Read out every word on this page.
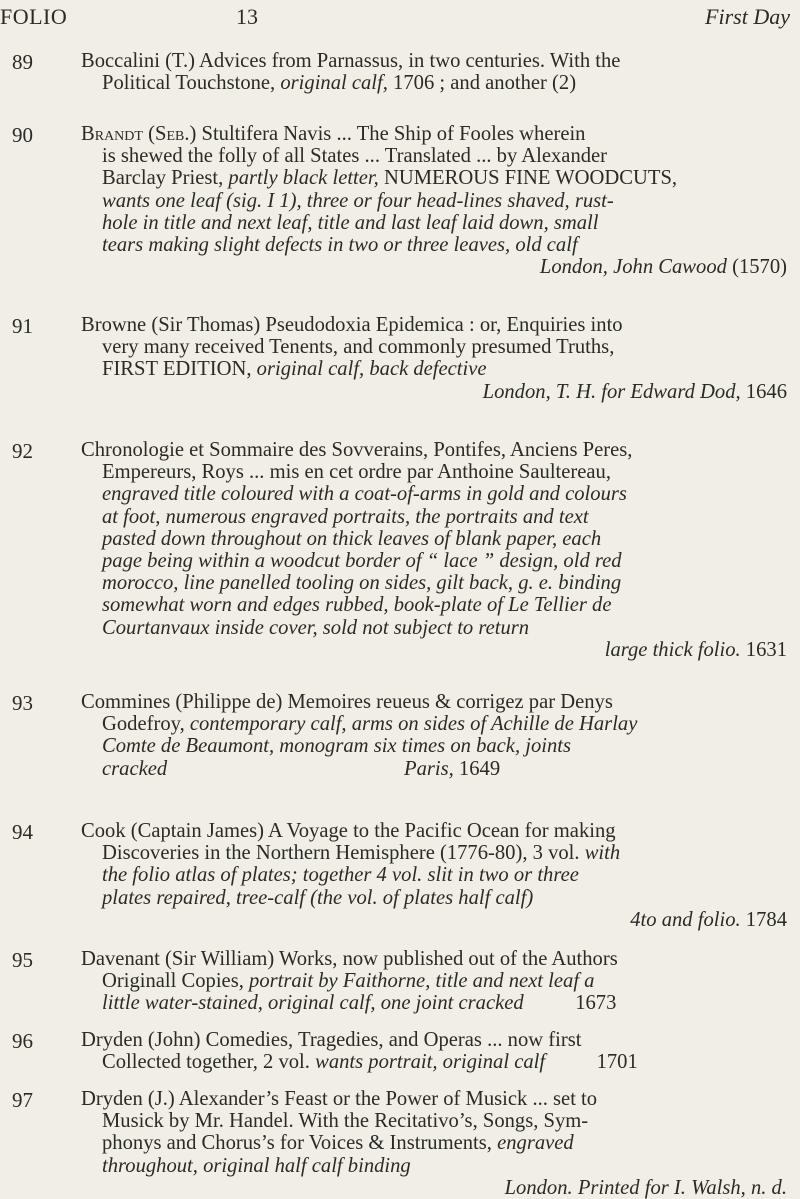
FOLIO	13	First Day
89 Boccalini (T.) Advices from Parnassus, in two centuries. With the
Political Touchstone, original calf, 1706 ; and another (2)
90 Brandt (Seb.) Stultifera Navis ... The Ship of Fooles wherein
is shewed the folly of all States ... Translated ... by Alexander
Barclay Priest, partly black letter, NUMEROUS FINE WOODCUTS,
wants one leaf (sig. I 1), three or four head-lines shaved, rust-
hole in title and next leaf, title and last leaf laid down, small
tears making slight defects in two or three leaves, old calf
London, John Cawood (1570)
91 Browne (Sir Thomas) Pseudodoxia Epidemica : or, Enquiries into
very many received Tenents, and commonly presumed Truths,
FIRST EDITION, original calf, back defective
London, T. H. for Edward Dod, 1646
92 Chronologie et Sommaire des Sovverains, Pontifes, Anciens Peres,
Empereurs, Roys ... mis en cet ordre par Anthoine Saultereau,
engraved title coloured with a coat-of-arms in gold and colours
at foot, numerous engraved portraits, the portraits and text
pasted down throughout on thick leaves of blank paper, each
page being within a woodcut border of “ lace ” design, old red
morocco, line panelled tooling on sides, gilt back, g. e. binding
somewhat worn and edges rubbed, book-plate of Le Tellier de
Courtanvaux inside cover, sold not subject to return
large thick folio. 1631
93 Commines (Philippe de) Memoires reueus & corrigez par Denys
Godefroy, contemporary calf, arms on sides of Achille de Harlay
Comte de Beaumont, monogram six times on back, joints
cracked                                              Paris, 1649
94 Cook (Captain James) A Voyage to the Pacific Ocean for making
Discoveries in the Northern Hemisphere (1776-80), 3 vol. with
the folio atlas of plates; together 4 vol. slit in two or three
plates repaired, tree-calf (the vol. of plates half calf)
4to and folio. 1784
95 Davenant (Sir William) Works, now published out of the Authors
Originall Copies, portrait by Faithorne, title and next leaf a
little water-stained, original calf, one joint cracked          1673
96 Dryden (John) Comedies, Tragedies, and Operas ... now first
Collected together, 2 vol. wants portrait, original calf          1701
97 Dryden (J.) Alexander’s Feast or the Power of Musick ... set to
Musick by Mr. Handel. With the Recitativo’s, Songs, Sym-
phonys and Chorus’s for Voices & Instruments, engraved
throughout, original half calf binding
London. Printed for I. Walsh, n. d.
